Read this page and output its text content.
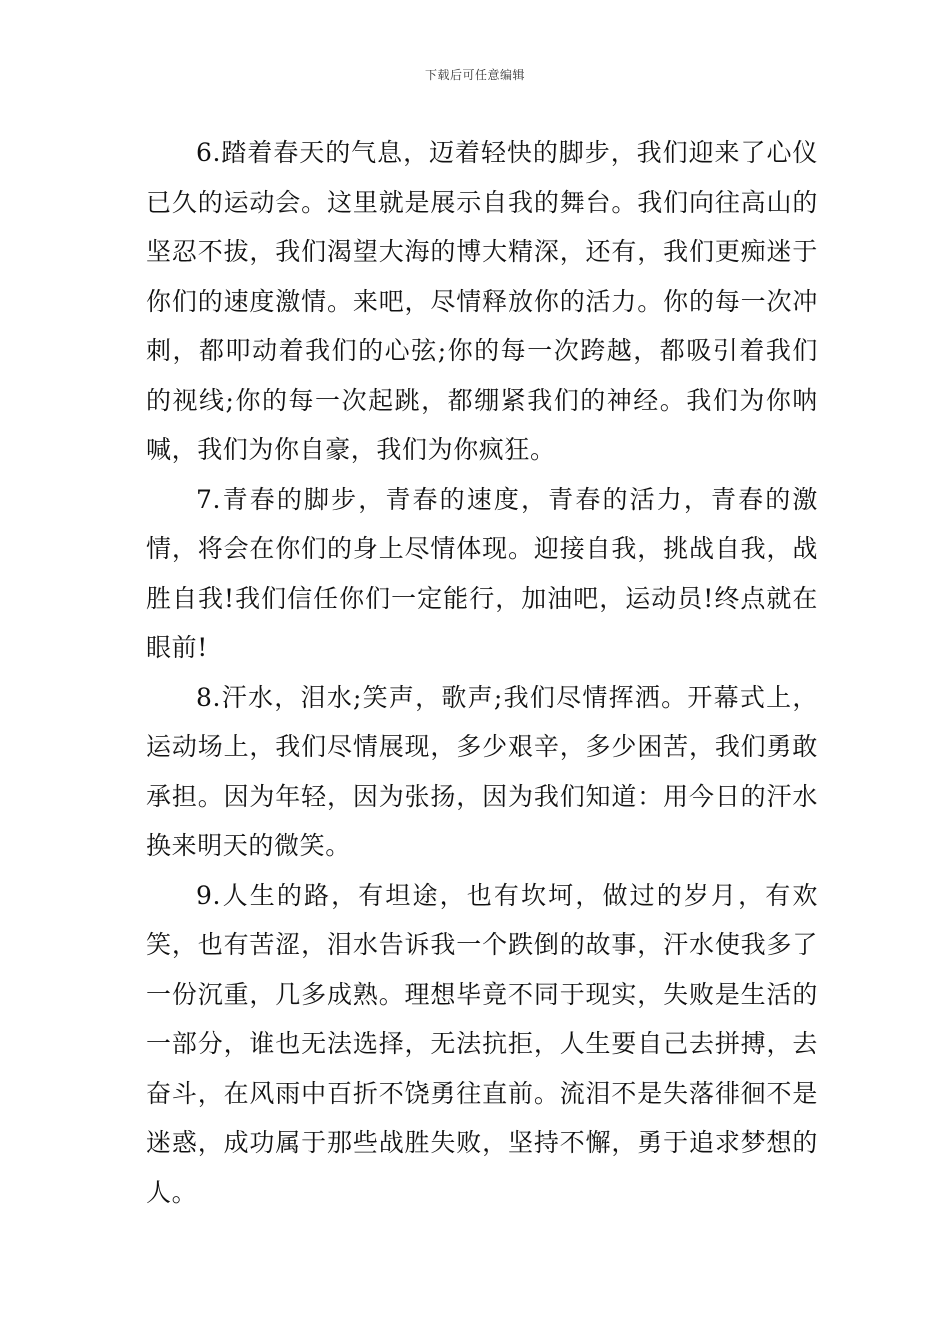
下载后可任意编辑

6.踏着春天的气息，迈着轻快的脚步，我们迎来了心仪已久的运动会。这里就是展示自我的舞台。我们向往高山的坚忍不拔，我们渴望大海的博大精深，还有，我们更痴迷于你们的速度激情。来吧，尽情释放你的活力。你的每一次冲刺，都叩动着我们的心弦;你的每一次跨越，都吸引着我们的视线;你的每一次起跳，都绷紧我们的神经。我们为你呐喊，我们为你自豪，我们为你疯狂。

7.青春的脚步，青春的速度，青春的活力，青春的激情，将会在你们的身上尽情体现。迎接自我，挑战自我，战胜自我!我们信任你们一定能行，加油吧，运动员!终点就在眼前!

8.汗水，泪水;笑声，歌声;我们尽情挥洒。开幕式上，运动场上，我们尽情展现，多少艰辛，多少困苦，我们勇敢承担。因为年轻，因为张扬，因为我们知道：用今日的汗水换来明天的微笑。

9.人生的路，有坦途，也有坎坷，做过的岁月，有欢笑，也有苦涩，泪水告诉我一个跌倒的故事，汗水使我多了一份沉重，几多成熟。理想毕竟不同于现实，失败是生活的一部分，谁也无法选择，无法抗拒，人生要自己去拼搏，去奋斗，在风雨中百折不饶勇往直前。流泪不是失落徘徊不是迷惑，成功属于那些战胜失败，坚持不懈，勇于追求梦想的人。
